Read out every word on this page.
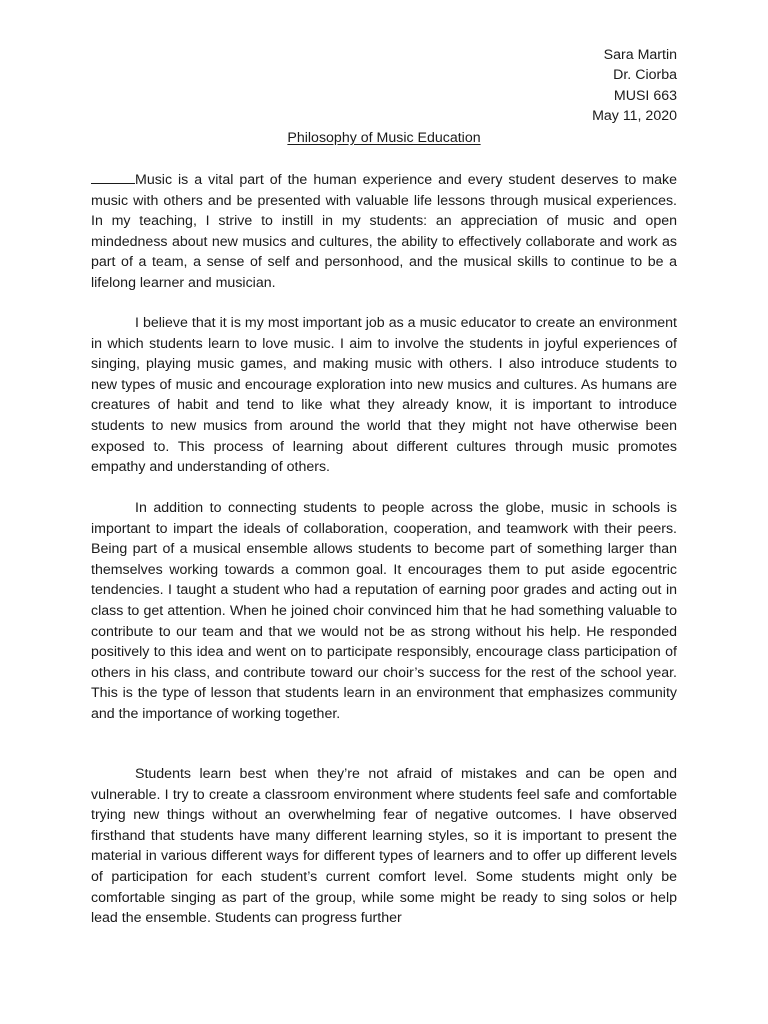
Sara Martin
Dr. Ciorba
MUSI 663
May 11, 2020
Philosophy of Music Education

Music is a vital part of the human experience and every student deserves to make music with others and be presented with valuable life lessons through musical experiences. In my teaching, I strive to instill in my students: an appreciation of music and open mindedness about new musics and cultures, the ability to effectively collaborate and work as part of a team, a sense of self and personhood, and the musical skills to continue to be a lifelong learner and musician.

I believe that it is my most important job as a music educator to create an environment in which students learn to love music. I aim to involve the students in joyful experiences of singing, playing music games, and making music with others. I also introduce students to new types of music and encourage exploration into new musics and cultures. As humans are creatures of habit and tend to like what they already know, it is important to introduce students to new musics from around the world that they might not have otherwise been exposed to. This process of learning about different cultures through music promotes empathy and understanding of others.

In addition to connecting students to people across the globe, music in schools is important to impart the ideals of collaboration, cooperation, and teamwork with their peers. Being part of a musical ensemble allows students to become part of something larger than themselves working towards a common goal. It encourages them to put aside egocentric tendencies. I taught a student who had a reputation of earning poor grades and acting out in class to get attention. When he joined choir convinced him that he had something valuable to contribute to our team and that we would not be as strong without his help. He responded positively to this idea and went on to participate responsibly, encourage class participation of others in his class, and contribute toward our choir’s success for the rest of the school year. This is the type of lesson that students learn in an environment that emphasizes community and the importance of working together.

Students learn best when they’re not afraid of mistakes and can be open and vulnerable. I try to create a classroom environment where students feel safe and comfortable trying new things without an overwhelming fear of negative outcomes. I have observed firsthand that students have many different learning styles, so it is important to present the material in various different ways for different types of learners and to offer up different levels of participation for each student’s current comfort level. Some students might only be comfortable singing as part of the group, while some might be ready to sing solos or help lead the ensemble. Students can progress further
